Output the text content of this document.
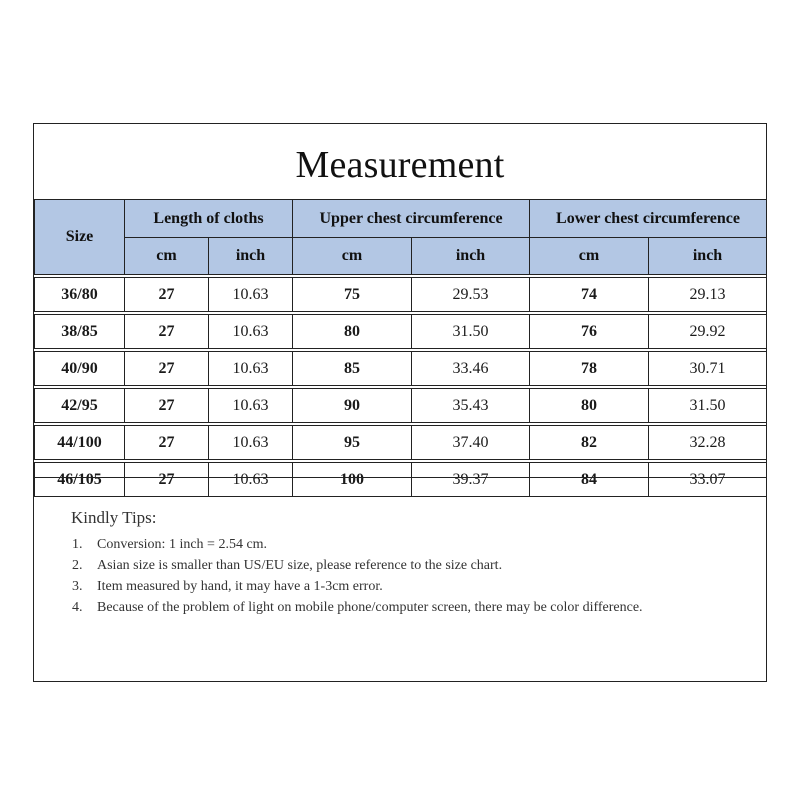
Measurement
Size	Length of cloths		Upper chest circumference		Lower chest circumference	
	cm	inch	cm	inch	cm	inch

36/80	27	10.63	75	29.53	74	29.13

38/85	27	10.63	80	31.50	76	29.92

40/90	27	10.63	85	33.46	78	30.71

42/95	27	10.63	90	35.43	80	31.50

44/100	27	10.63	95	37.40	82	32.28

46/105	27	10.63	100	39.37	84	33.07
Kindly Tips:
1. Conversion: 1 inch = 2.54 cm.
2. Asian size is smaller than US/EU size, please reference to the size chart.
3. Item measured by hand, it may have a 1-3cm error.
4. Because of the problem of light on mobile phone/computer screen, there may be color difference.
